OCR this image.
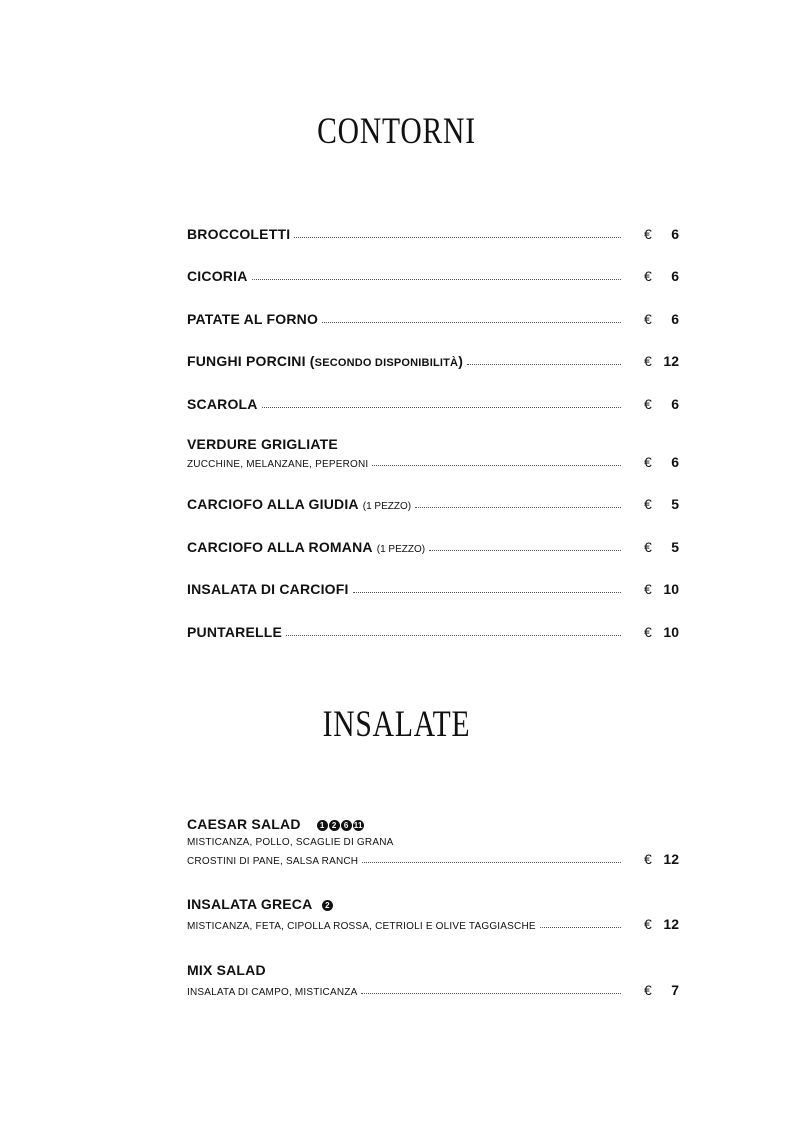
CONTORNI
BROCCOLETTI	€ 6
CICORIA	€ 6
PATATE AL FORNO	€ 6
FUNGHI PORCINI (SECONDO DISPONIBILITÀ)	€ 12
SCAROLA	€ 6
VERDURE GRIGLIATE
ZUCCHINE, MELANZANE, PEPERONI	€ 6
CARCIOFO ALLA GIUDIA (1 PEZZO)	€ 5
CARCIOFO ALLA ROMANA (1 PEZZO)	€ 5
INSALATA DI CARCIOFI	€ 10
PUNTARELLE	€ 10
INSALATE
CAESAR SALAD	1 2 6 11
MISTICANZA, POLLO, SCAGLIE DI GRANA
CROSTINI DI PANE, SALSA RANCH	€ 12
INSALATA GRECA	2
MISTICANZA, FETA, CIPOLLA ROSSA, CETRIOLI E OLIVE TAGGIASCHE	€ 12
MIX SALAD
INSALATA DI CAMPO, MISTICANZA	€ 7
